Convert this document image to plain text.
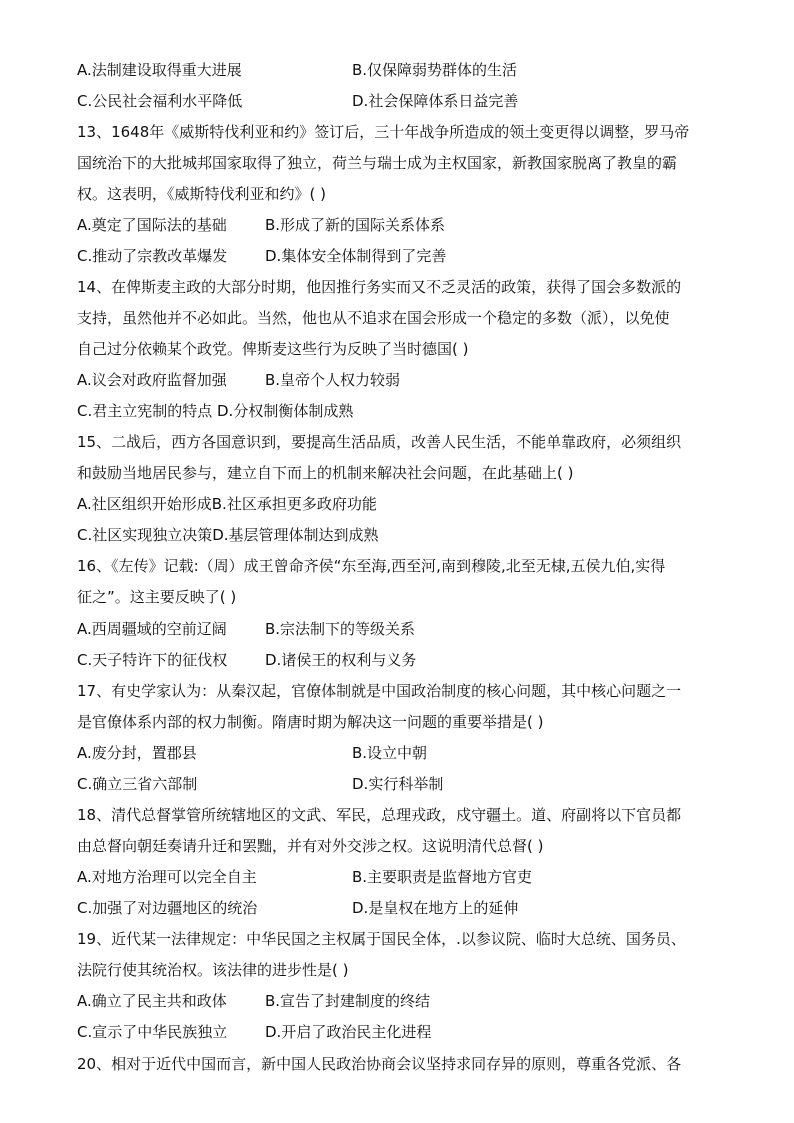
A.法制建设取得重大进展	B.仅保障弱势群体的生活
C.公民社会福利水平降低	D.社会保障体系日益完善
13、1648年《威斯特伐利亚和约》签订后，三十年战争所造成的领土变更得以调整，罗马帝
国统治下的大批城邦国家取得了独立，荷兰与瑞士成为主权国家，新教国家脱离了教皇的霸
权。这表明，《威斯特伐利亚和约》( )
A.奠定了国际法的基础	B.形成了新的国际关系体系
C.推动了宗教改革爆发	D.集体安全体制得到了完善
14、在俾斯麦主政的大部分时期，他因推行务实而又不乏灵活的政策，获得了国会多数派的
支持，虽然他并不必如此。当然，他也从不追求在国会形成一个稳定的多数（派），以免使
自己过分依赖某个政党。俾斯麦这些行为反映了当时德国( )
A.议会对政府监督加强	B.皇帝个人权力较弱
C.君主立宪制的特点 D.分权制衡体制成熟
15、二战后，西方各国意识到，要提高生活品质，改善人民生活，不能单靠政府，必须组织
和鼓励当地居民参与，建立自下而上的机制来解决社会问题，在此基础上( )
A.社区组织开始形成B.社区承担更多政府功能
C.社区实现独立决策D.基层管理体制达到成熟
16、《左传》记载:（周）成王曾命齐侯“东至海,西至河,南到穆陵,北至无棣,五侯九伯,实得
征之”。这主要反映了( )
A.西周疆域的空前辽阔	B.宗法制下的等级关系
C.天子特许下的征伐权	D.诸侯王的权利与义务
17、有史学家认为：从秦汉起，官僚体制就是中国政治制度的核心问题，其中核心问题之一
是官僚体系内部的权力制衡。隋唐时期为解决这一问题的重要举措是( )
A.废分封，置郡县	B.设立中朝
C.确立三省六部制	D.实行科举制
18、清代总督掌管所统辖地区的文武、军民，总理戎政，戍守疆土。道、府副将以下官员都
由总督向朝廷奏请升迁和罢黜，并有对外交涉之权。这说明清代总督( )
A.对地方治理可以完全自主	B.主要职责是监督地方官吏
C.加强了对边疆地区的统治	D.是皇权在地方上的延伸
19、近代某一法律规定：中华民国之主权属于国民全体，.以参议院、临时大总统、国务员、
法院行使其统治权。该法律的进步性是( )
A.确立了民主共和政体	B.宣告了封建制度的终结
C.宣示了中华民族独立	D.开启了政治民主化进程
20、相对于近代中国而言，新中国人民政治协商会议坚持求同存异的原则，尊重各党派、各
